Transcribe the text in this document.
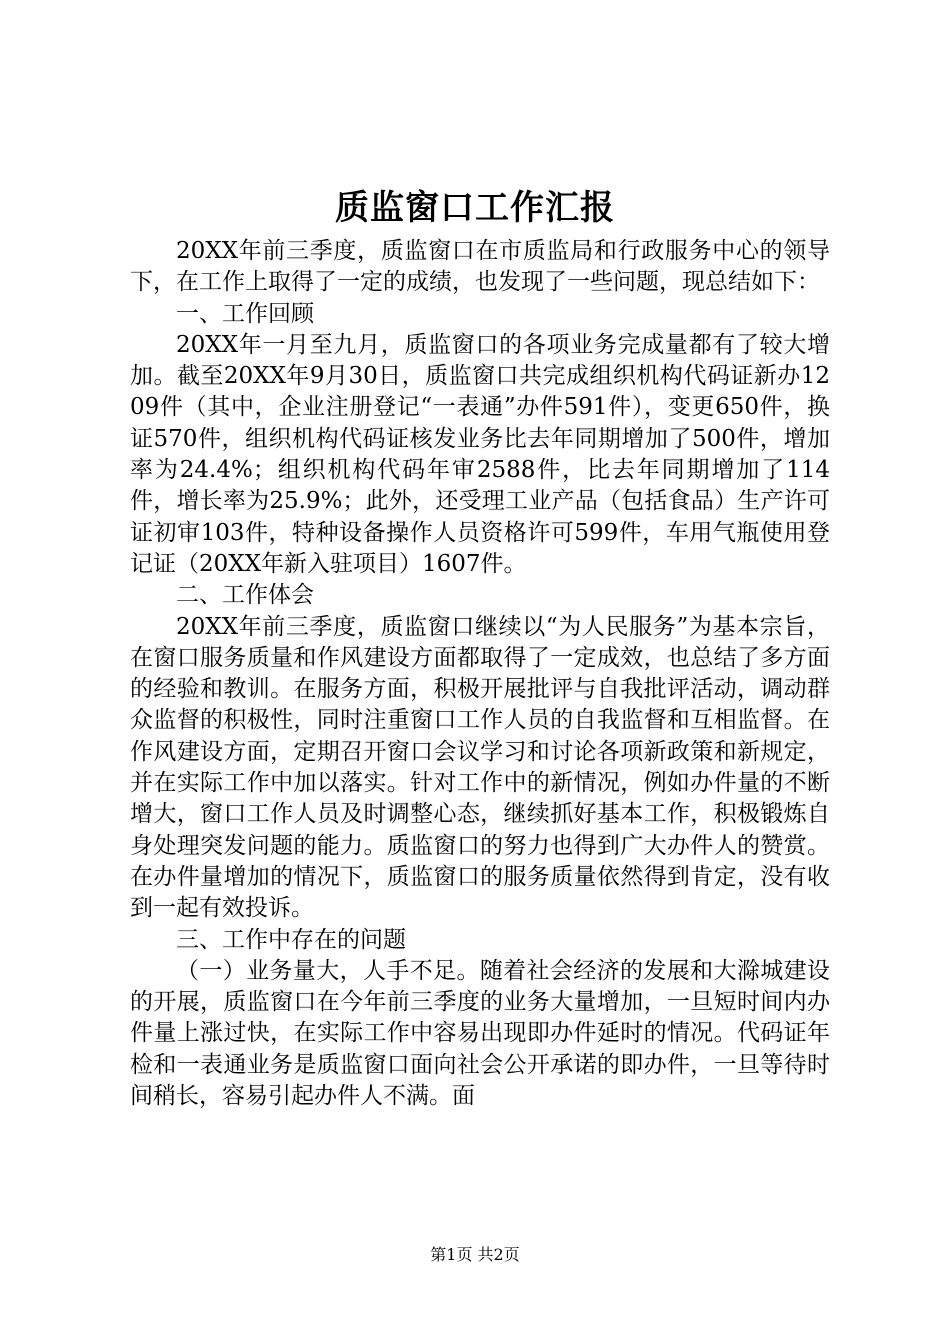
质监窗口工作汇报

20XX年前三季度，质监窗口在市质监局和行政服务中心的领导下，在工作上取得了一定的成绩，也发现了一些问题，现总结如下：

一、工作回顾

20XX年一月至九月，质监窗口的各项业务完成量都有了较大增加。截至20XX年9月30日，质监窗口共完成组织机构代码证新办1209件（其中，企业注册登记“一表通”办件591件），变更650件，换证570件，组织机构代码证核发业务比去年同期增加了500件，增加率为24.4%；组织机构代码年审2588件，比去年同期增加了114件，增长率为25.9%；此外，还受理工业产品（包括食品）生产许可证初审103件，特种设备操作人员资格许可599件，车用气瓶使用登记证（20XX年新入驻项目）1607件。

二、工作体会

20XX年前三季度，质监窗口继续以“为人民服务”为基本宗旨，在窗口服务质量和作风建设方面都取得了一定成效，也总结了多方面的经验和教训。在服务方面，积极开展批评与自我批评活动，调动群众监督的积极性，同时注重窗口工作人员的自我监督和互相监督。在作风建设方面，定期召开窗口会议学习和讨论各项新政策和新规定，并在实际工作中加以落实。针对工作中的新情况，例如办件量的不断增大，窗口工作人员及时调整心态，继续抓好基本工作，积极锻炼自身处理突发问题的能力。质监窗口的努力也得到广大办件人的赞赏。在办件量增加的情况下，质监窗口的服务质量依然得到肯定，没有收到一起有效投诉。

三、工作中存在的问题

（一）业务量大，人手不足。随着社会经济的发展和大滁城建设的开展，质监窗口在今年前三季度的业务大量增加，一旦短时间内办件量上涨过快，在实际工作中容易出现即办件延时的情况。代码证年检和一表通业务是质监窗口面向社会公开承诺的即办件，一旦等待时间稍长，容易引起办件人不满。面

第1页 共2页
